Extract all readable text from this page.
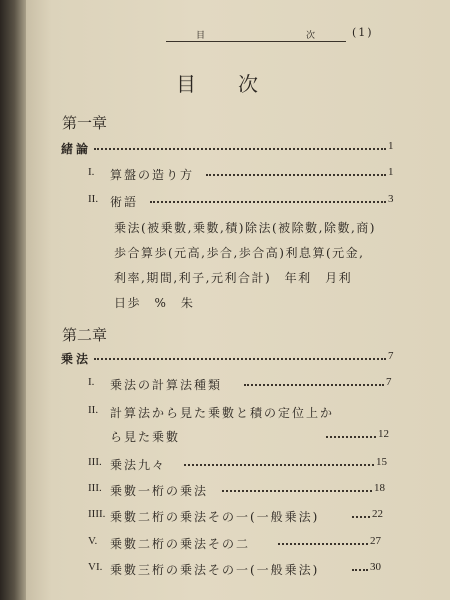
目	次
	(1)
目次
第一章
緒論	1
I. 算盤の造り方	1
II. 術語	3
乗法(被乗數,乗數,積)除法(被除數,除數,商)
歩合算歩(元高,歩合,歩合高)利息算(元金,
利率,期間,利子,元利合計)　年利　月利
日歩　%　朱
第二章
乗法	7
I. 乗法の計算法種類	7
II. 計算法から見た乗數と積の定位上か
ら見た乗數	12
III. 乗法九々	15
III. 乗數一桁の乗法	18
IIII. 乗數二桁の乗法その一(一般乗法)	22
V. 乗數二桁の乗法その二	27
VI. 乗數三桁の乗法その一(一般乗法)	30
